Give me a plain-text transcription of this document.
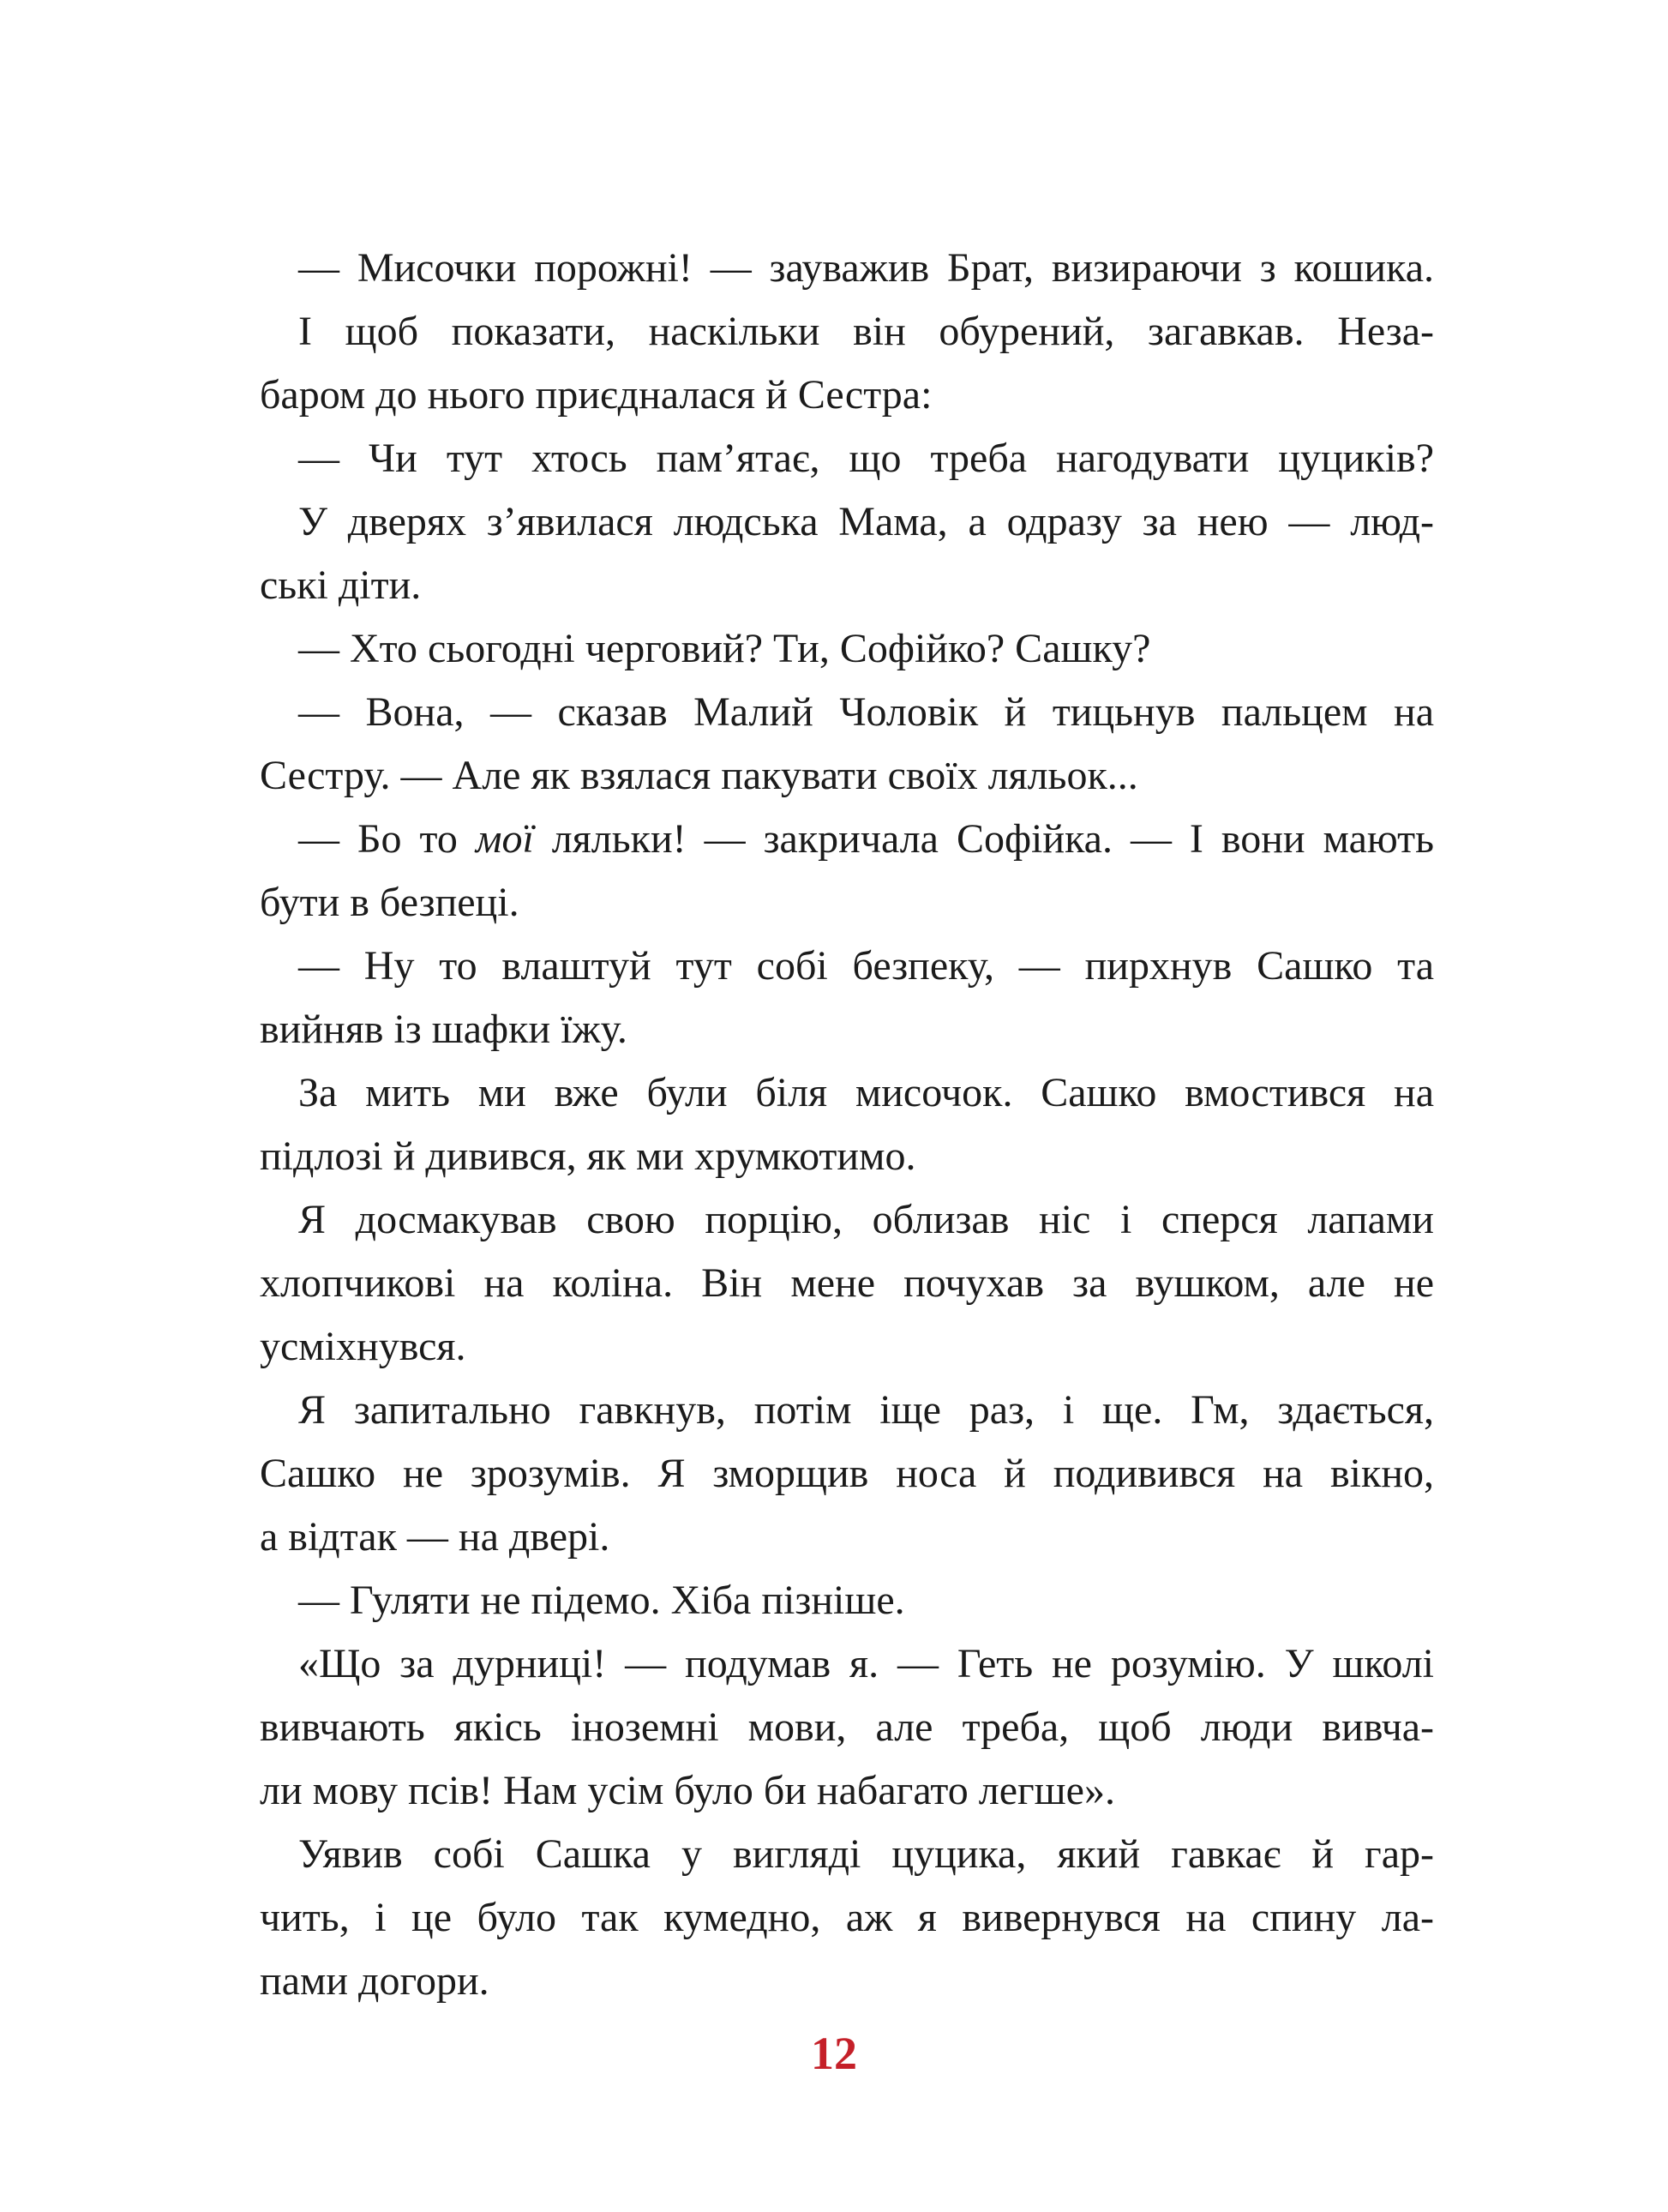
— Мисочки порожні! — зауважив Брат, визираючи з кошика.
І щоб показати, наскільки він обурений, загавкав. Неза-
баром до нього приєдналася й Сестра:
— Чи тут хтось пам’ятає, що треба нагодувати цуциків?
У дверях з’явилася людська Мама, а одразу за нею — люд-
ські діти.
— Хто сьогодні черговий? Ти, Софійко? Сашку?
— Вона, — сказав Малий Чоловік й тицьнув пальцем на
Сестру. — Але як взялася пакувати своїх ляльок...
— Бо то мої ляльки! — закричала Софійка. — І вони мають
бути в безпеці.
— Ну то влаштуй тут собі безпеку, — пирхнув Сашко та
вийняв із шафки їжу.
За мить ми вже були біля мисочок. Сашко вмостився на
підлозі й дивився, як ми хрумкотимо.
Я досмакував свою порцію, облизав ніс і сперся лапами
хлопчикові на коліна. Він мене почухав за вушком, але не
усміхнувся.
Я запитально гавкнув, потім іще раз, і ще. Гм, здається,
Сашко не зрозумів. Я зморщив носа й подивився на вікно,
а відтак — на двері.
— Гуляти не підемо. Хіба пізніше.
«Що за дурниці! — подумав я. — Геть не розумію. У школі
вивчають якісь іноземні мови, але треба, щоб люди вивча-
ли мову псів! Нам усім було би набагато легше».
Уявив собі Сашка у вигляді цуцика, який гавкає й гар-
чить, і це було так кумедно, аж я вивернувся на спину ла-
пами догори.
12
